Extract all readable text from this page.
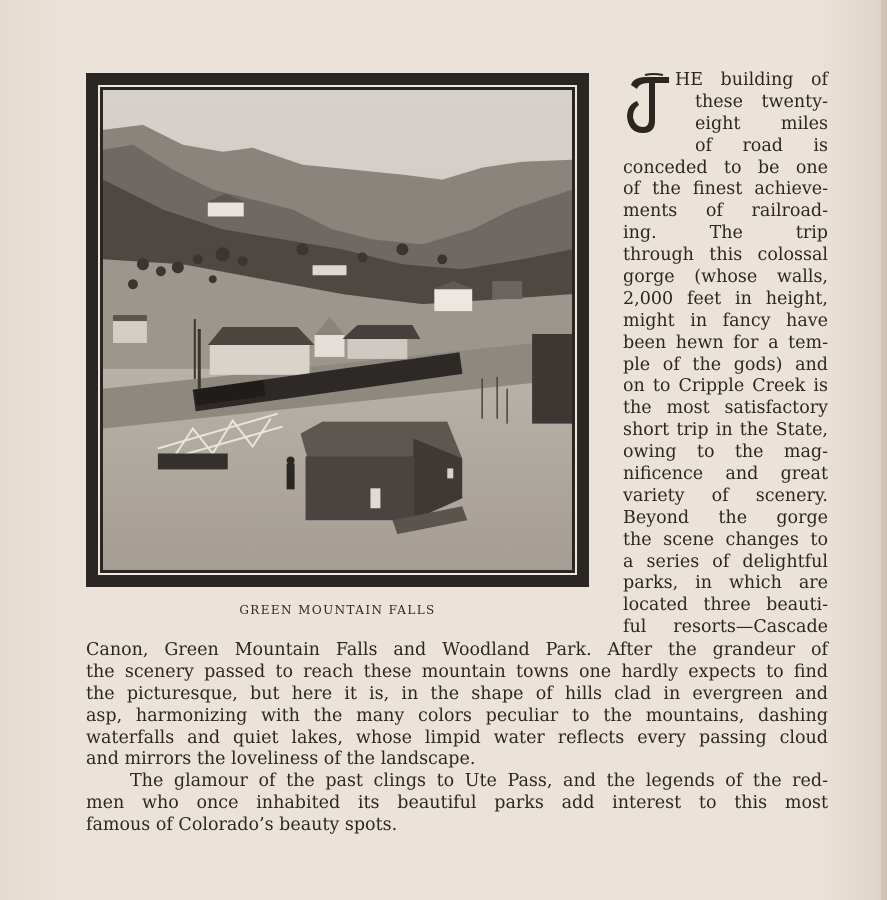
GREEN MOUNTAIN FALLS
HE building of
these twenty-
eight miles
of road is
conceded to be one
of the finest achieve-
ments of railroad-
ing. The trip
through this colossal
gorge (whose walls,
2,000 feet in height,
might in fancy have
been hewn for a tem-
ple of the gods) and
on to Cripple Creek is
the most satisfactory
short trip in the State,
owing to the mag-
nificence and great
variety of scenery.
Beyond the gorge
the scene changes to
a series of delightful
parks, in which are
located three beauti-
ful resorts—Cascade
Canon, Green Mountain Falls and Woodland Park. After the grandeur of
the scenery passed to reach these mountain towns one hardly expects to find
the picturesque, but here it is, in the shape of hills clad in evergreen and
asp, harmonizing with the many colors peculiar to the mountains, dashing
waterfalls and quiet lakes, whose limpid water reflects every passing cloud
and mirrors the loveliness of the landscape.
The glamour of the past clings to Ute Pass, and the legends of the red-
men who once inhabited its beautiful parks add interest to this most
famous of Colorado’s beauty spots.
